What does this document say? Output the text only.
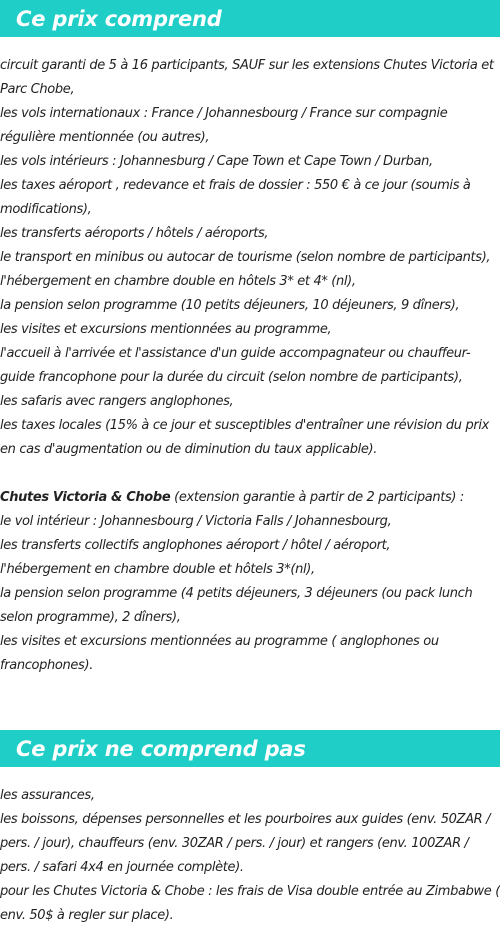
Ce prix comprend

circuit garanti de 5 à 16 participants, SAUF sur les extensions Chutes Victoria et Parc Chobe,

les vols internationaux : France / Johannesbourg / France sur compagnie régulière mentionnée (ou autres),

les vols intérieurs : Johannesburg / Cape Town et Cape Town / Durban,

les taxes aéroport , redevance et frais de dossier : 550 € à ce jour (soumis à modifications),

les transferts aéroports / hôtels / aéroports,

le transport en minibus ou autocar de tourisme (selon nombre de participants),

l'hébergement en chambre double en hôtels 3* et 4* (nl),

la pension selon programme (10 petits déjeuners, 10 déjeuners, 9 dîners),

les visites et excursions mentionnées au programme,

l'accueil à l'arrivée et l'assistance d'un guide accompagnateur ou chauffeur-guide francophone pour la durée du circuit (selon nombre de participants),

les safaris avec rangers anglophones,

les taxes locales (15% à ce jour et susceptibles d'entraîner une révision du prix en cas d'augmentation ou de diminution du taux applicable).

Chutes Victoria & Chobe (extension garantie à partir de 2 participants) :

le vol intérieur : Johannesbourg / Victoria Falls / Johannesbourg,

les transferts collectifs anglophones aéroport / hôtel / aéroport,

l'hébergement en chambre double et hôtels 3*(nl),

la pension selon programme (4 petits déjeuners, 3 déjeuners (ou pack lunch selon programme), 2 dîners),

les visites et excursions mentionnées au programme ( anglophones ou francophones).

Ce prix ne comprend pas

les assurances,

les boissons, dépenses personnelles et les pourboires aux guides (env. 50ZAR / pers. / jour), chauffeurs (env. 30ZAR / pers. / jour) et rangers (env. 100ZAR / pers. / safari 4x4 en journée complète).

pour les Chutes Victoria & Chobe : les frais de Visa double entrée au Zimbabwe ( env. 50$ à regler sur place).
